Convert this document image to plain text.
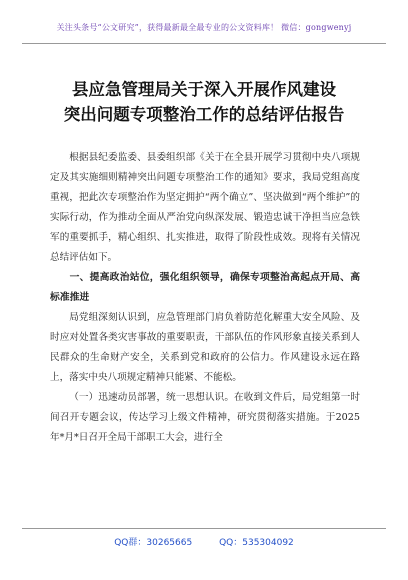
关注头条号“公文研究”，获得最新最全最专业的公文资料库！ 微信：gongwenyj
县应急管理局关于深入开展作风建设
突出问题专项整治工作的总结评估报告

根据县纪委监委、县委组织部《关于在全县开展学习贯彻中央八项规定及其实施细则精神突出问题专项整治工作的通知》要求，我局党组高度重视，把此次专项整治作为坚定拥护“两个确立”、坚决做到“两个维护”的实际行动，作为推动全面从严治党向纵深发展、锻造忠诚干净担当应急铁军的重要抓手，精心组织、扎实推进，取得了阶段性成效。现将有关情况总结评估如下。

一、提高政治站位，强化组织领导，确保专项整治高起点开局、高标准推进

局党组深刻认识到，应急管理部门肩负着防范化解重大安全风险、及时应对处置各类灾害事故的重要职责，干部队伍的作风形象直接关系到人民群众的生命财产安全，关系到党和政府的公信力。作风建设永远在路上，落实中央八项规定精神只能紧、不能松。

（一）迅速动员部署，统一思想认识。在收到文件后，局党组第一时间召开专题会议，传达学习上级文件精神，研究贯彻落实措施。于2025年*月*日召开全局干部职工大会，进行全

QQ群：30265665	QQ：535304092
